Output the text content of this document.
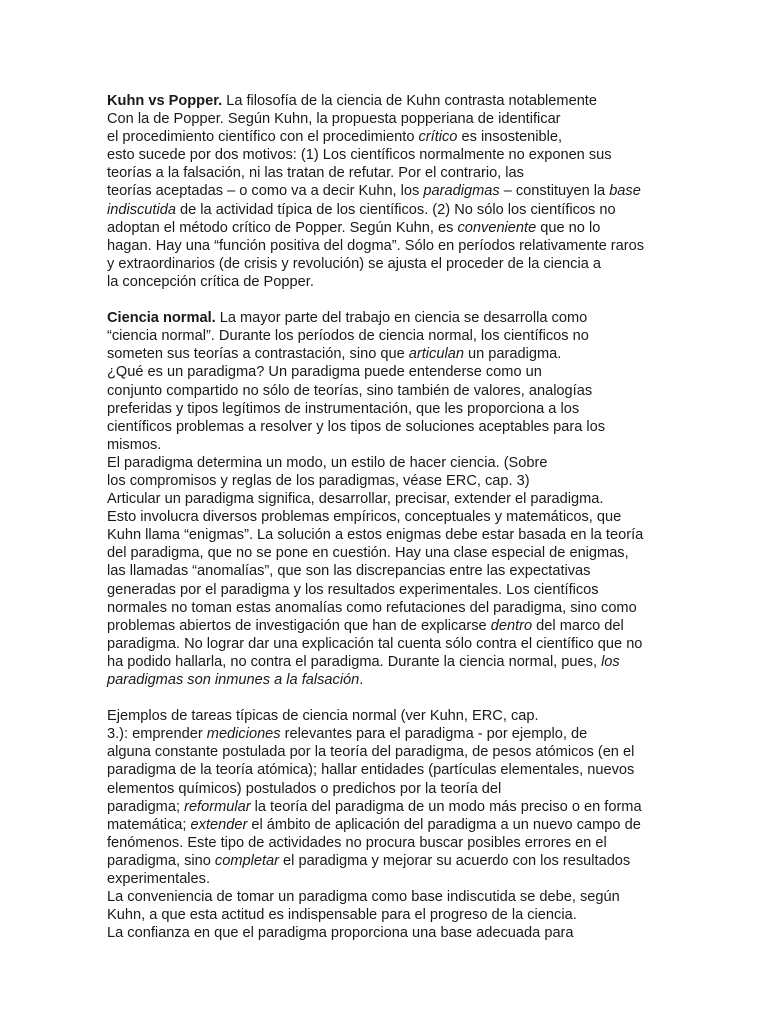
Kuhn vs Popper. La filosofía de la ciencia de Kuhn contrasta notablemente
Con la de Popper. Según Kuhn, la propuesta popperiana de identificar
el procedimiento científico con el procedimiento crítico es insostenible,
esto sucede por dos motivos: (1) Los científicos normalmente no exponen sus
teorías a la falsación, ni las tratan de refutar. Por el contrario, las
teorías aceptadas – o como va a decir Kuhn, los paradigmas – constituyen la base
indiscutida de la actividad típica de los científicos. (2) No sólo los científicos no
adoptan el método crítico de Popper. Según Kuhn, es conveniente que no lo
hagan. Hay una “función positiva del dogma”. Sólo en períodos relativamente raros
y extraordinarios (de crisis y revolución) se ajusta el proceder de la ciencia a
la concepción crítica de Popper.
Ciencia normal. La mayor parte del trabajo en ciencia se desarrolla como
“ciencia normal”. Durante los períodos de ciencia normal, los científicos no
someten sus teorías a contrastación, sino que articulan un paradigma.
¿Qué es un paradigma? Un paradigma puede entenderse como un
conjunto compartido no sólo de teorías, sino también de valores, analogías
preferidas y tipos legítimos de instrumentación, que les proporciona a los
científicos problemas a resolver y los tipos de soluciones aceptables para los
mismos.
El paradigma determina un modo, un estilo de hacer ciencia. (Sobre
los compromisos y reglas de los paradigmas, véase ERC, cap. 3)
Articular un paradigma significa, desarrollar, precisar, extender el paradigma.
Esto involucra diversos problemas empíricos, conceptuales y matemáticos, que
Kuhn llama “enigmas”. La solución a estos enigmas debe estar basada en la teoría
del paradigma, que no se pone en cuestión. Hay una clase especial de enigmas,
las llamadas “anomalías”, que son las discrepancias entre las expectativas
generadas por el paradigma y los resultados experimentales. Los científicos
normales no toman estas anomalías como refutaciones del paradigma, sino como
problemas abiertos de investigación que han de explicarse dentro del marco del
paradigma. No lograr dar una explicación tal cuenta sólo contra el científico que no
ha podido hallarla, no contra el paradigma. Durante la ciencia normal, pues, los
paradigmas son inmunes a la falsación.
Ejemplos de tareas típicas de ciencia normal (ver Kuhn, ERC, cap.
3.): emprender mediciones relevantes para el paradigma - por ejemplo, de
alguna constante postulada por la teoría del paradigma, de pesos atómicos (en el
paradigma de la teoría atómica); hallar entidades (partículas elementales, nuevos
elementos químicos) postulados o predichos por la teoría del
paradigma; reformular la teoría del paradigma de un modo más preciso o en forma
matemática; extender el ámbito de aplicación del paradigma a un nuevo campo de
fenómenos. Este tipo de actividades no procura buscar posibles errores en el
paradigma, sino completar el paradigma y mejorar su acuerdo con los resultados
experimentales.
La conveniencia de tomar un paradigma como base indiscutida se debe, según
Kuhn, a que esta actitud es indispensable para el progreso de la ciencia.
La confianza en que el paradigma proporciona una base adecuada para
